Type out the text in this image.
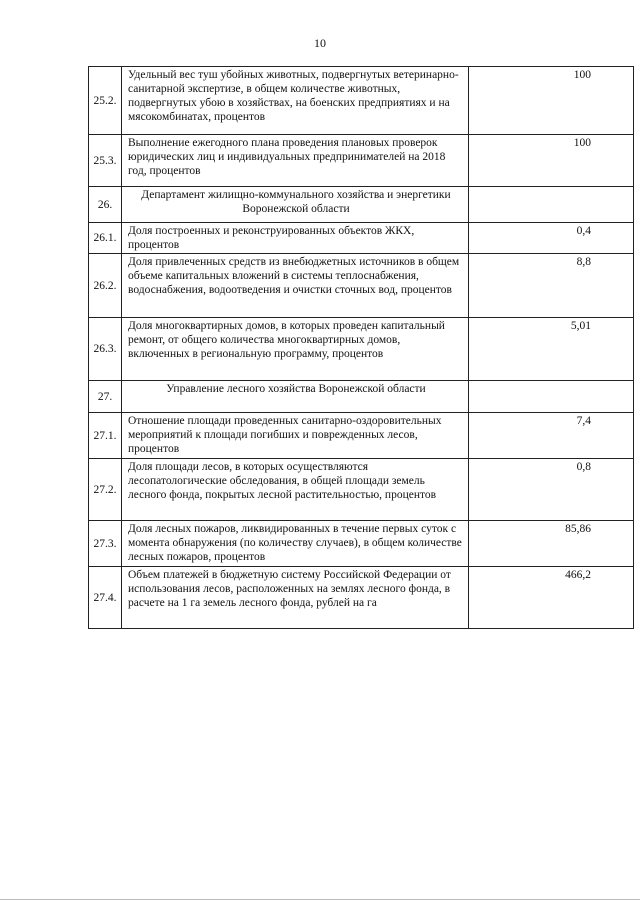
10
25.2.	Удельный вес туш убойных животных, подвергнутых ветеринарно-санитарной экспертизе, в общем количестве животных, подвергнутых убою в хозяйствах, на боенских предприятиях и на мясокомбинатах, процентов	100
25.3.	Выполнение ежегодного плана проведения плановых проверок юридических лиц и индивидуальных предпринимателей на 2018 год, процентов	100
26.	Департамент жилищно-коммунального хозяйства и энергетики Воронежской области	
26.1.	Доля построенных и реконструированных объектов ЖКХ, процентов	0,4
26.2.	Доля привлеченных средств из внебюджетных источников в общем объеме капитальных вложений в системы теплоснабжения, водоснабжения, водоотведения и очистки сточных вод, процентов	8,8
26.3.	Доля многоквартирных домов, в которых проведен капитальный ремонт, от общего количества многоквартирных домов, включенных в региональную программу, процентов	5,01
27.	Управление лесного хозяйства Воронежской области	
27.1.	Отношение площади проведенных санитарно-оздоровительных мероприятий к площади погибших и поврежденных лесов, процентов	7,4
27.2.	Доля площади лесов, в которых осуществляются лесопатологические обследования, в общей площади земель лесного фонда, покрытых лесной растительностью, процентов	0,8
27.3.	Доля лесных пожаров, ликвидированных в течение первых суток с момента обнаружения (по количеству случаев), в общем количестве лесных пожаров, процентов	85,86
27.4.	Объем платежей в бюджетную систему Российской Федерации от использования лесов, расположенных на землях лесного фонда, в расчете на 1 га земель лесного фонда, рублей на га	466,2
